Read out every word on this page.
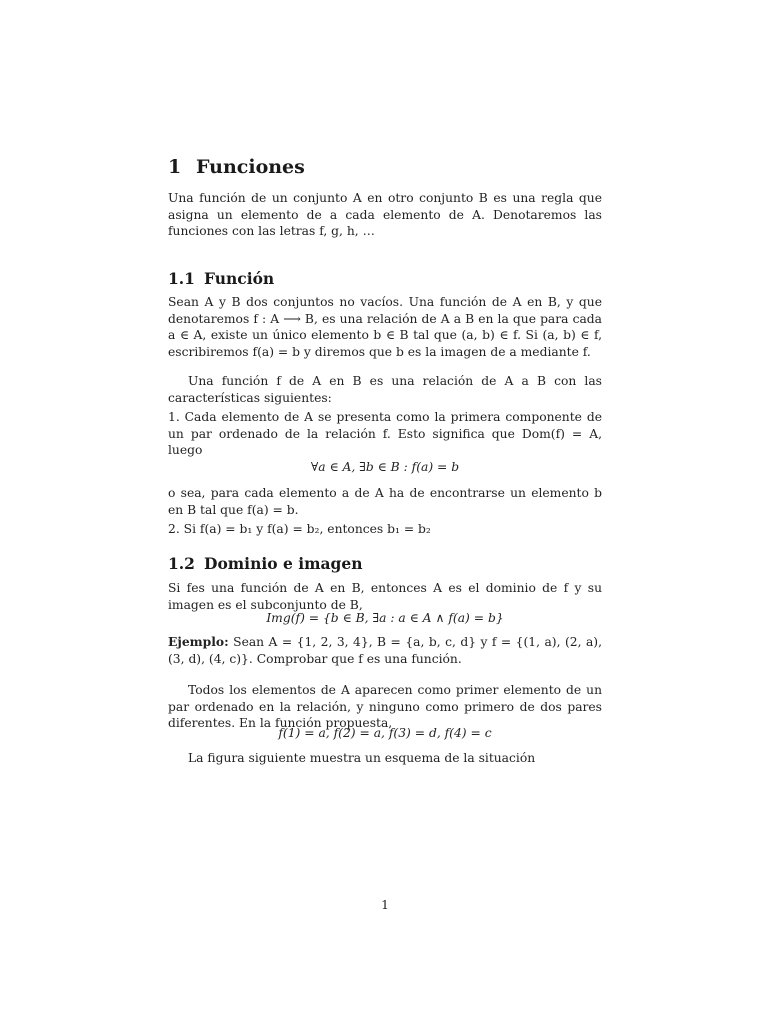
1 Funciones
Una función de un conjunto A en otro conjunto B es una regla que asigna un elemento de a cada elemento de A. Denotaremos las funciones con las letras f, g, h, …
1.1 Función
Sean A y B dos conjuntos no vacíos. Una función de A en B, y que denotaremos f : A ⟶ B, es una relación de A a B en la que para cada a ∈ A, existe un único elemento b ∈ B tal que (a, b) ∈ f. Si (a, b) ∈ f, escribiremos f(a) = b y diremos que b es la imagen de a mediante f.
Una función f de A en B es una relación de A a B con las características siguientes:
1. Cada elemento de A se presenta como la primera componente de un par ordenado de la relación f. Esto significa que Dom(f) = A, luego
∀a ∈ A, ∃b ∈ B : f(a) = b
o sea, para cada elemento a de A ha de encontrarse un elemento b en B tal que f(a) = b.
2. Si f(a) = b₁ y f(a) = b₂, entonces b₁ = b₂
1.2 Dominio e imagen
Si fes una función de A en B, entonces A es el dominio de f y su imagen es el subconjunto de B,
Img(f) = {b ∈ B, ∃a : a ∈ A ∧ f(a) = b}
Ejemplo: Sean A = {1, 2, 3, 4}, B = {a, b, c, d} y f = {(1, a), (2, a), (3, d), (4, c)}. Comprobar que f es una función.
Todos los elementos de A aparecen como primer elemento de un par ordenado en la relación, y ninguno como primero de dos pares diferentes. En la función propuesta,
f(1) = a, f(2) = a, f(3) = d, f(4) = c
La figura siguiente muestra un esquema de la situación
1
